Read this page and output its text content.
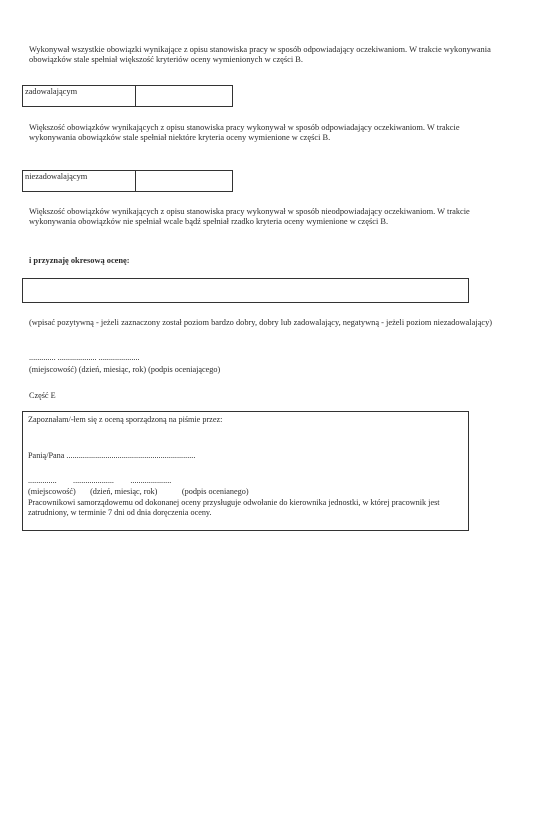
Wykonywał wszystkie obowiązki wynikające z opisu stanowiska pracy w sposób odpowiadający oczekiwaniom. W trakcie wykonywania obowiązków stale spełniał większość kryteriów oceny wymienionych w części B.

zadowalającym

Większość obowiązków wynikających z opisu stanowiska pracy wykonywał w sposób odpowiadający oczekiwaniom. W trakcie wykonywania obowiązków stale spełniał niektóre kryteria oceny wymienione w części B.

niezadowalającym

Większość obowiązków wynikających z opisu stanowiska pracy wykonywał w sposób nieodpowiadający oczekiwaniom. W trakcie wykonywania obowiązków nie spełniał wcale bądź spełniał rzadko kryteria oceny wymienione w części B.

i przyznaję okresową ocenę:

(wpisać pozytywną - jeżeli zaznaczony został poziom bardzo dobry, dobry lub zadowalający, negatywną - jeżeli poziom niezadowalający)

............. ................... ....................
(miejscowość) (dzień, miesiąc, rok) (podpis oceniającego)
Część E
Zapoznałam/-łem się z oceną sporządzoną na piśmie przez:
Panią/Pana ...............................................................
..............        ....................        ....................
(miejscowość)       (dzień, miesiąc, rok)            (podpis ocenianego)
Pracownikowi samorządowemu od dokonanej oceny przysługuje odwołanie do kierownika jednostki, w której pracownik jest zatrudniony, w terminie 7 dni od dnia doręczenia oceny.
